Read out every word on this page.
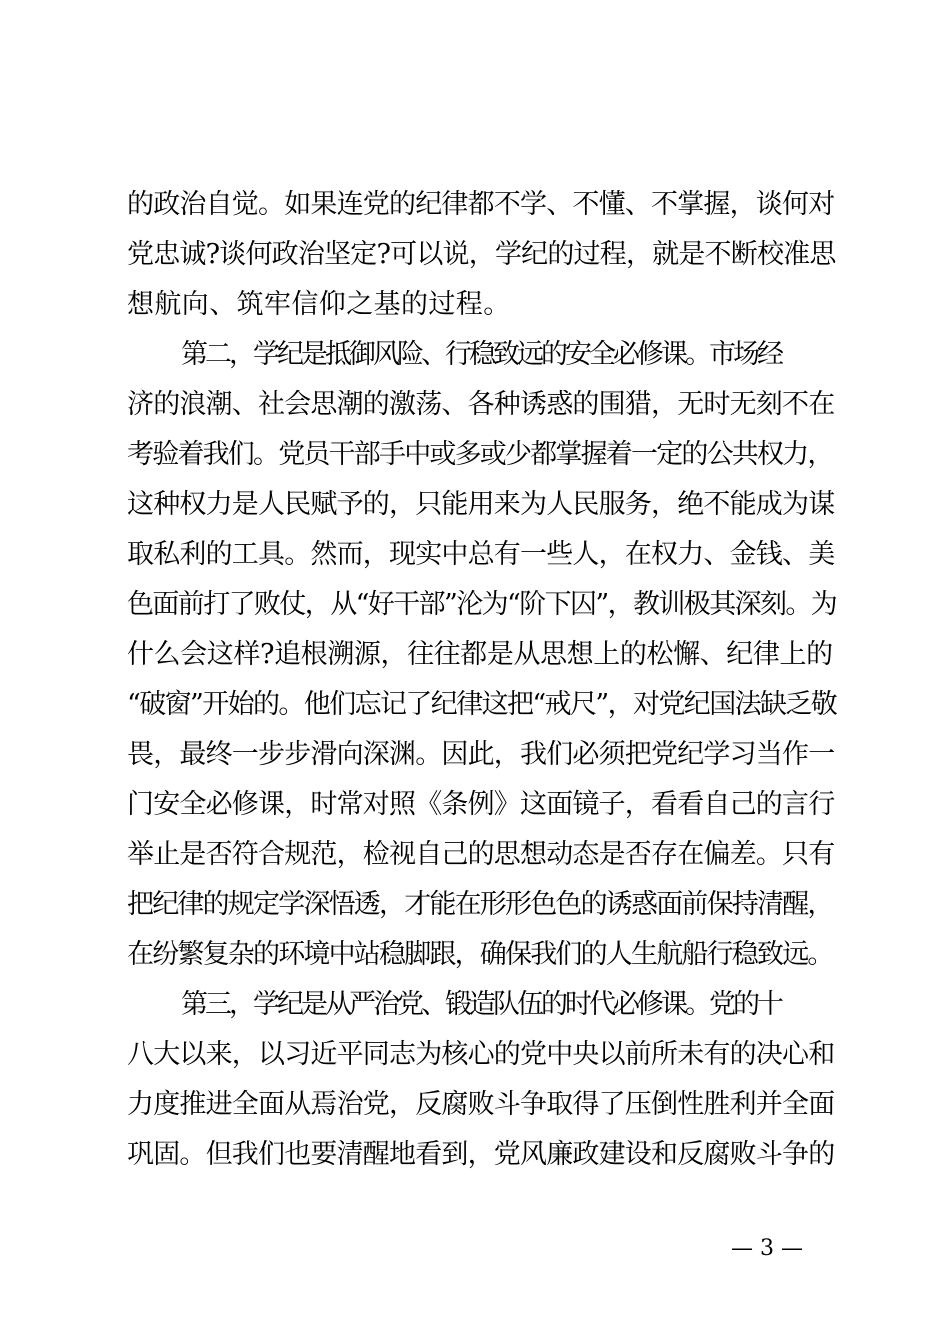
的政治自觉。如果连党的纪律都不学、不懂、不掌握，谈何对
党忠诚?谈何政治坚定?可以说，学纪的过程，就是不断校准思
想航向、筑牢信仰之基的过程。
第二，学纪是抵御风险、行稳致远的安全必修课。市场经
济的浪潮、社会思潮的激荡、各种诱惑的围猎，无时无刻不在
考验着我们。党员干部手中或多或少都掌握着一定的公共权力，
这种权力是人民赋予的，只能用来为人民服务，绝不能成为谋
取私利的工具。然而，现实中总有一些人，在权力、金钱、美
色面前打了败仗，从“好干部”沦为“阶下囚”，教训极其深刻。为
什么会这样?追根溯源，往往都是从思想上的松懈、纪律上的
“破窗”开始的。他们忘记了纪律这把“戒尺”，对党纪国法缺乏敬
畏，最终一步步滑向深渊。因此，我们必须把党纪学习当作一
门安全必修课，时常对照《条例》这面镜子，看看自己的言行
举止是否符合规范，检视自己的思想动态是否存在偏差。只有
把纪律的规定学深悟透，才能在形形色色的诱惑面前保持清醒，
在纷繁复杂的环境中站稳脚跟，确保我们的人生航船行稳致远。
第三，学纪是从严治党、锻造队伍的时代必修课。党的十
八大以来，以习近平同志为核心的党中央以前所未有的决心和
力度推进全面从焉治党，反腐败斗争取得了压倒性胜利并全面
巩固。但我们也要清醒地看到，党风廉政建设和反腐败斗争的
— 3 —
